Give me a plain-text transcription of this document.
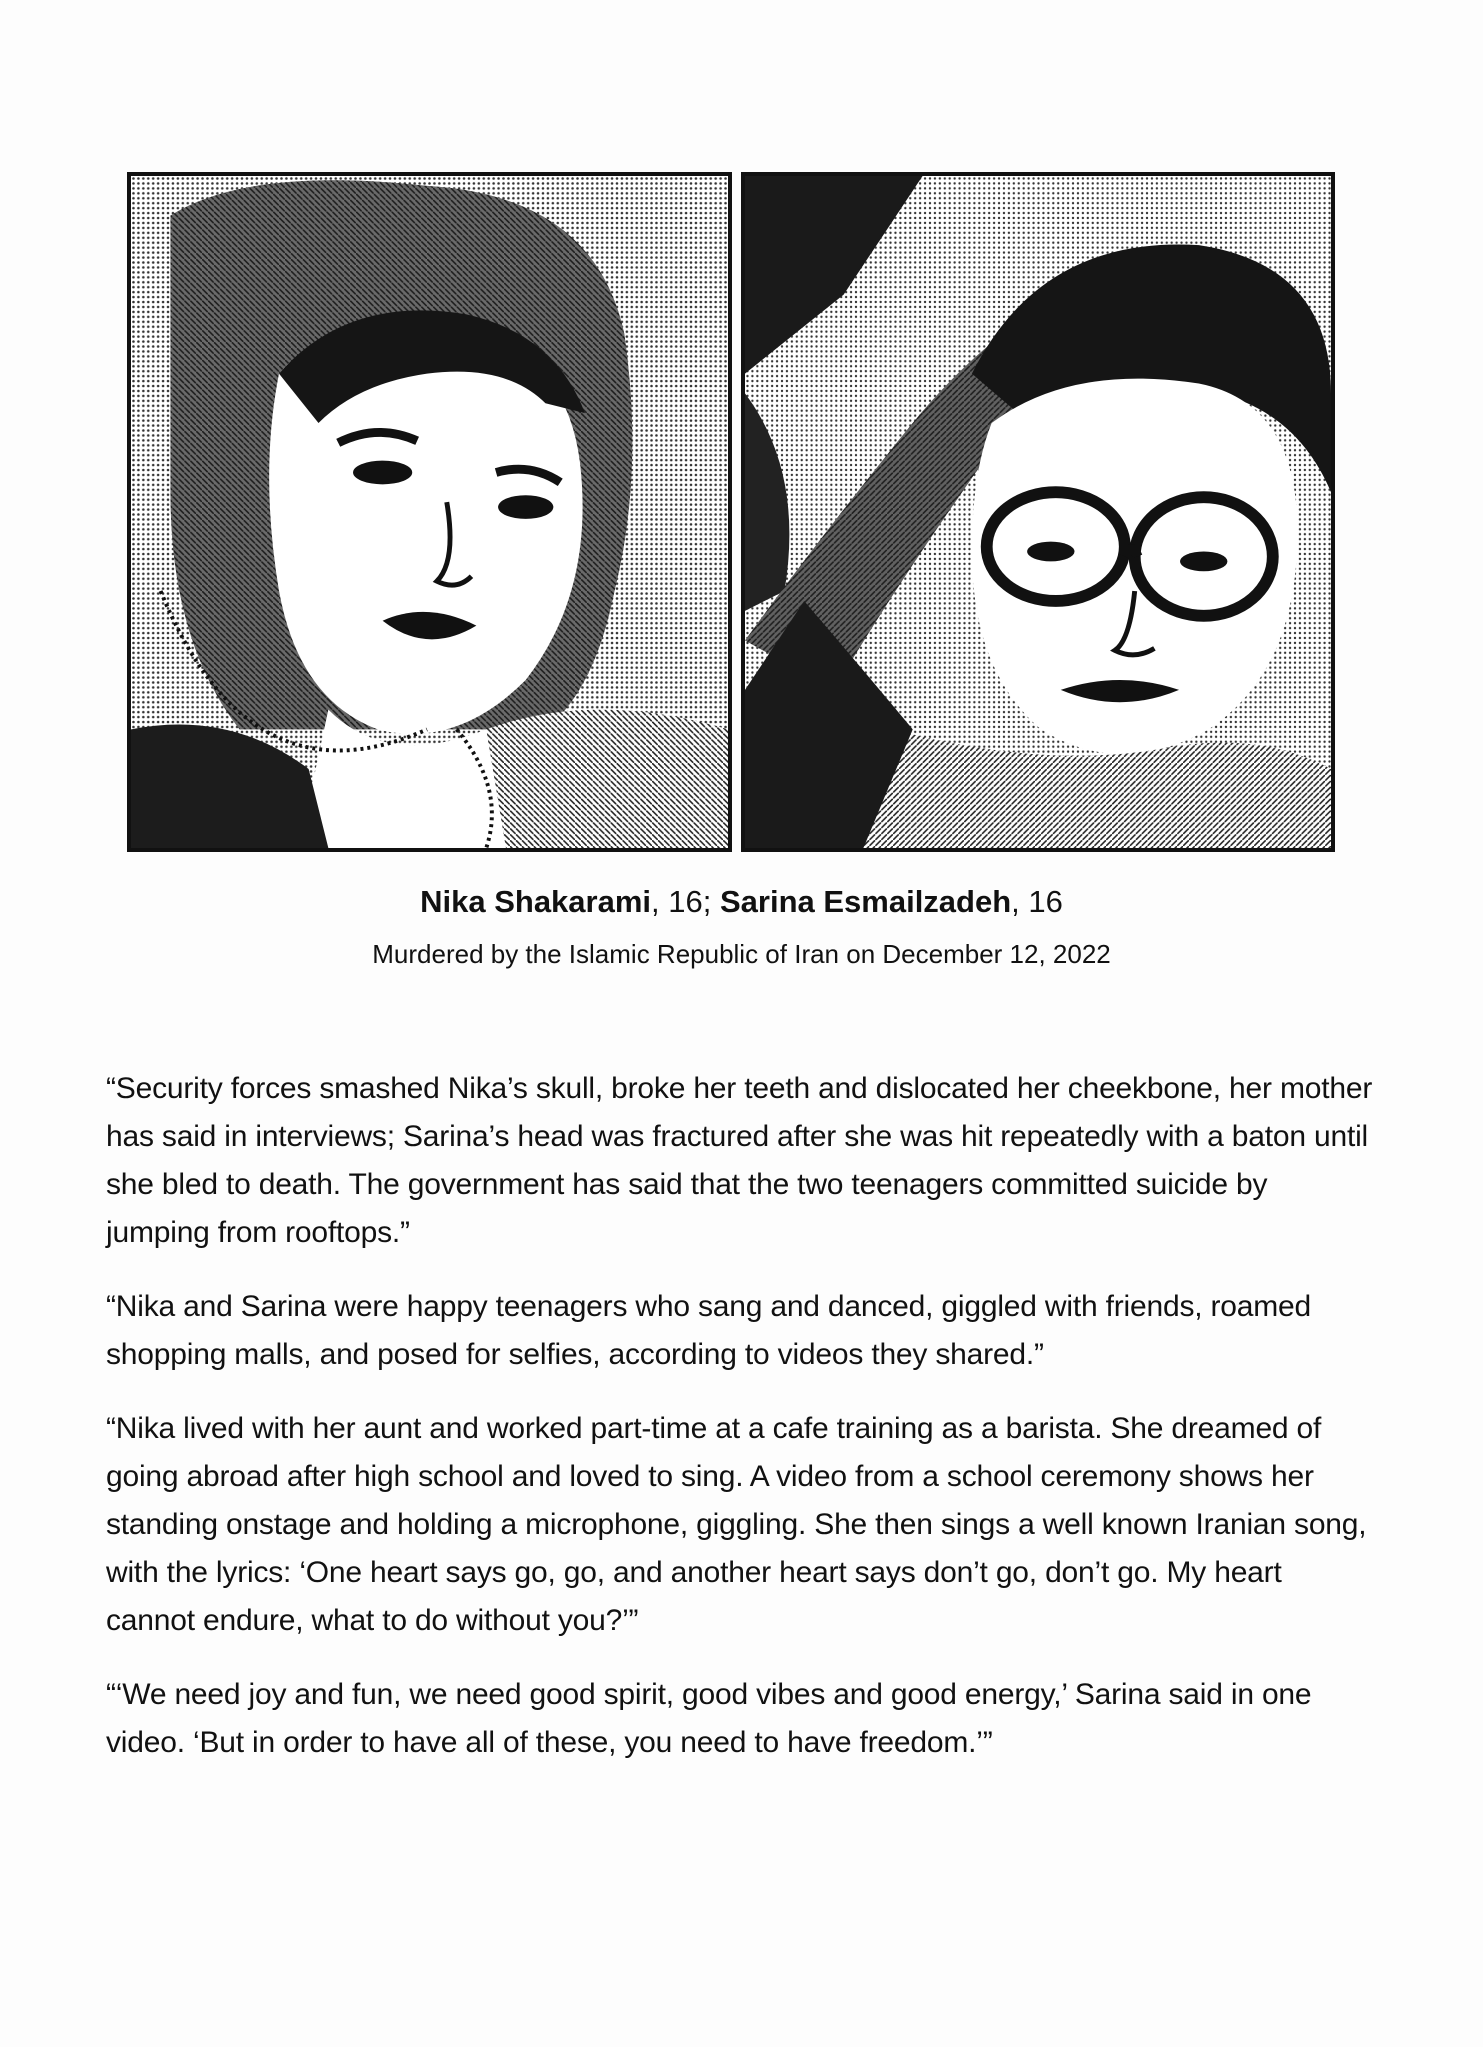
Nika Shakarami, 16; Sarina Esmailzadeh, 16
Murdered by the Islamic Republic of Iran on December 12, 2022

“Security forces smashed Nika’s skull, broke her teeth and dislocated her cheekbone, her mother has said in interviews; Sarina’s head was fractured after she was hit repeatedly with a baton until she bled to death. The government has said that the two teenagers committed suicide by jumping from rooftops.”

“Nika and Sarina were happy teenagers who sang and danced, giggled with friends, roamed shopping malls, and posed for selfies, according to videos they shared.”

“Nika lived with her aunt and worked part-time at a cafe training as a barista. She dreamed of going abroad after high school and loved to sing. A video from a school ceremony shows her standing onstage and holding a microphone, giggling. She then sings a well known Iranian song, with the lyrics: ‘One heart says go, go, and another heart says don’t go, don’t go. My heart cannot endure, what to do without you?’”

“‘We need joy and fun, we need good spirit, good vibes and good energy,’ Sarina said in one video. ‘But in order to have all of these, you need to have freedom.’”
